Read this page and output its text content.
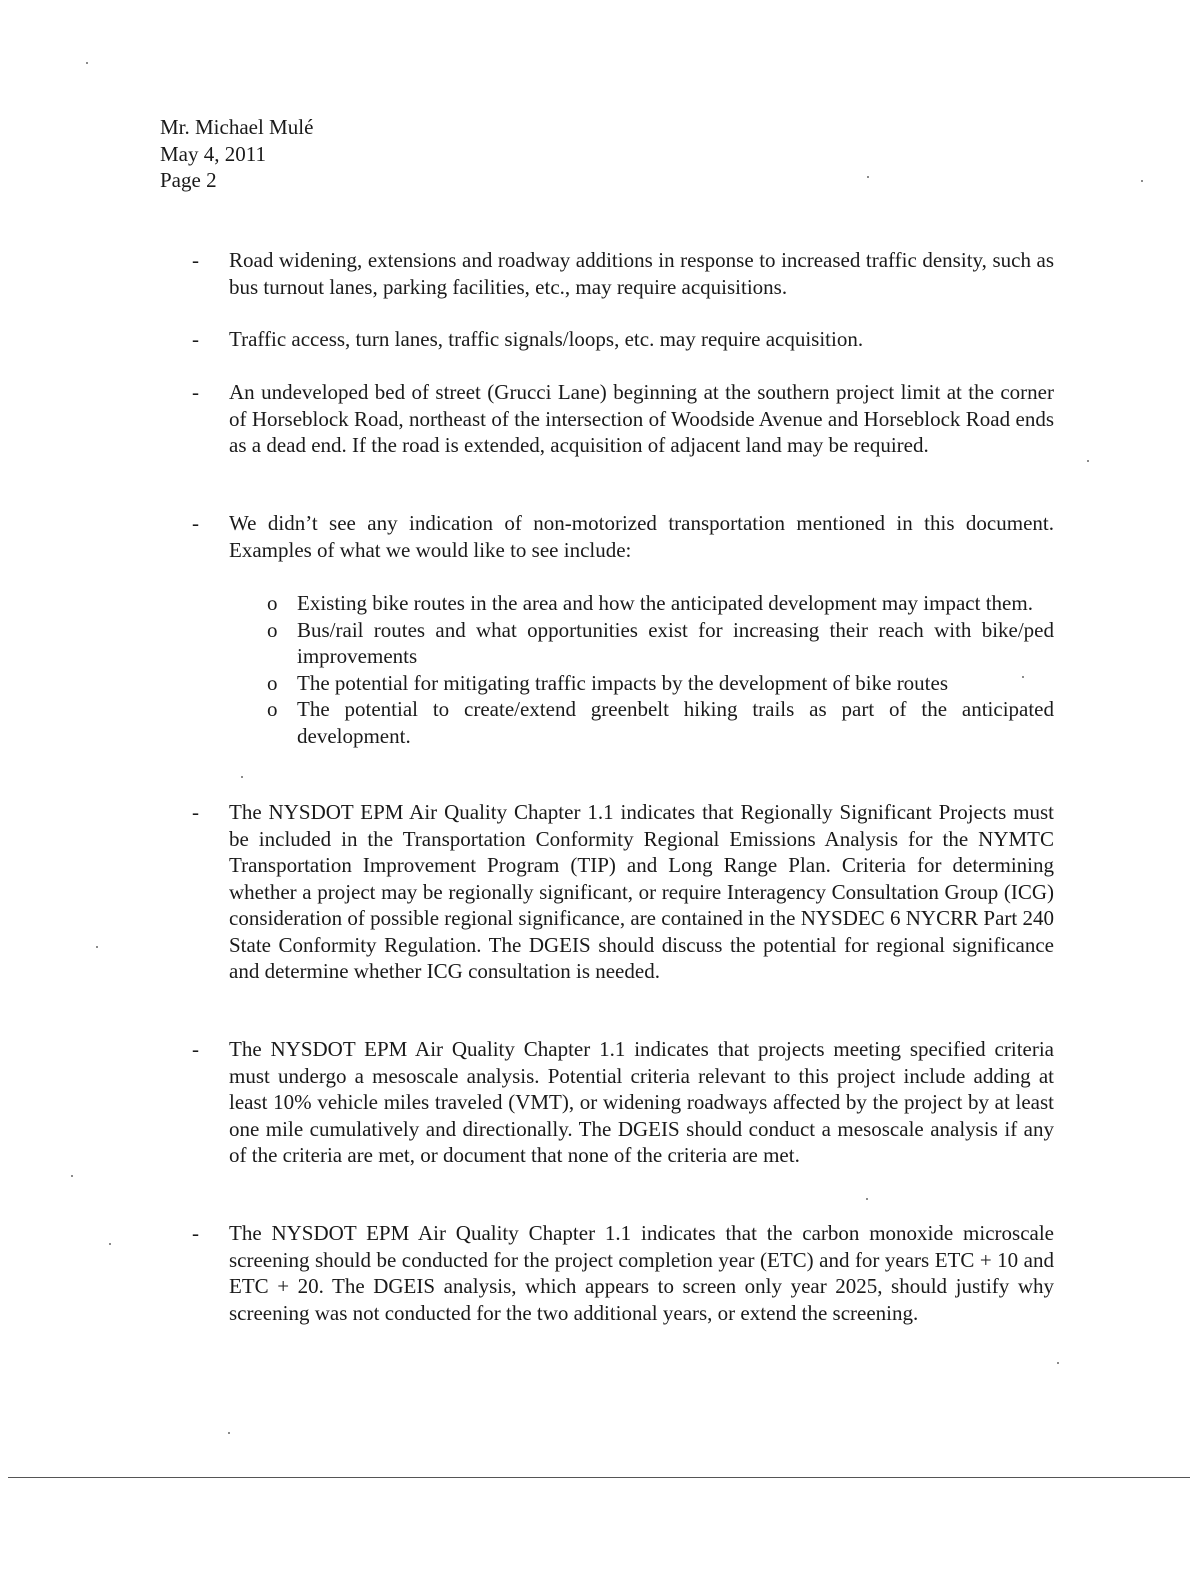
Mr. Michael Mulé
May 4, 2011
Page 2
-	Road widening, extensions and roadway additions in response to increased traffic density, such as bus turnout lanes, parking facilities, etc., may require acquisitions.
-	Traffic access, turn lanes, traffic signals/loops, etc. may require acquisition.
-	An undeveloped bed of street (Grucci Lane) beginning at the southern project limit at the corner of Horseblock Road, northeast of the intersection of Woodside Avenue and Horseblock Road ends as a dead end. If the road is extended, acquisition of adjacent land may be required.
-	We didn’t see any indication of non-motorized transportation mentioned in this document. Examples of what we would like to see include:
o Existing bike routes in the area and how the anticipated development may impact them.
o Bus/rail routes and what opportunities exist for increasing their reach with bike/ped improvements
o The potential for mitigating traffic impacts by the development of bike routes
o The potential to create/extend greenbelt hiking trails as part of the anticipated development.
-	The NYSDOT EPM Air Quality Chapter 1.1 indicates that Regionally Significant Projects must be included in the Transportation Conformity Regional Emissions Analysis for the NYMTC Transportation Improvement Program (TIP) and Long Range Plan. Criteria for determining whether a project may be regionally significant, or require Interagency Consultation Group (ICG) consideration of possible regional significance, are contained in the NYSDEC 6 NYCRR Part 240 State Conformity Regulation. The DGEIS should discuss the potential for regional significance and determine whether ICG consultation is needed.
-	The NYSDOT EPM Air Quality Chapter 1.1 indicates that projects meeting specified criteria must undergo a mesoscale analysis. Potential criteria relevant to this project include adding at least 10% vehicle miles traveled (VMT), or widening roadways affected by the project by at least one mile cumulatively and directionally. The DGEIS should conduct a mesoscale analysis if any of the criteria are met, or document that none of the criteria are met.
-	The NYSDOT EPM Air Quality Chapter 1.1 indicates that the carbon monoxide microscale screening should be conducted for the project completion year (ETC) and for years ETC + 10 and ETC + 20. The DGEIS analysis, which appears to screen only year 2025, should justify why screening was not conducted for the two additional years, or extend the screening.
